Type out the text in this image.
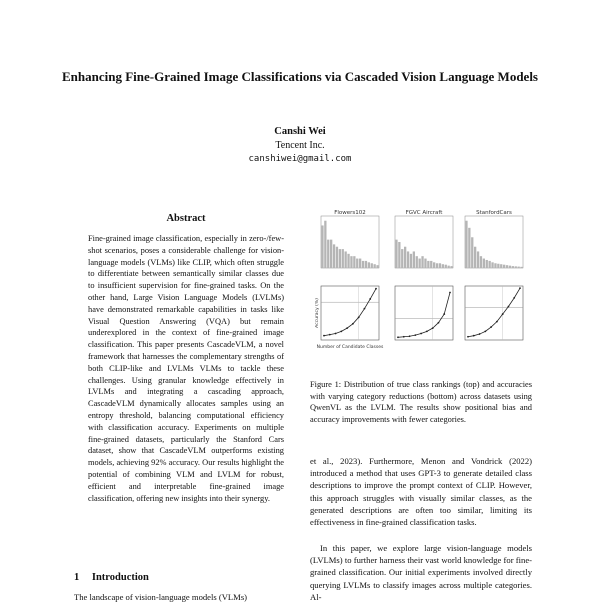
Enhancing Fine-Grained Image Classifications via Cascaded Vision Language Models
Canshi Wei
Tencent Inc.
canshiwei@gmail.com
Abstract
Fine-grained image classification, especially in zero-/few-shot scenarios, poses a considerable challenge for vision-language models (VLMs) like CLIP, which often struggle to differentiate between semantically similar classes due to insufficient supervision for fine-grained tasks. On the other hand, Large Vision Language Models (LVLMs) have demonstrated remarkable capabilities in tasks like Visual Question Answering (VQA) but remain underexplored in the context of fine-grained image classification. This paper presents CascadeVLM, a novel framework that harnesses the complementary strengths of both CLIP-like and LVLMs VLMs to tackle these challenges. Using granular knowledge effectively in LVLMs and integrating a cascading approach, CascadeVLM dynamically allocates samples using an entropy threshold, balancing computational efficiency with classification accuracy. Experiments on multiple fine-grained datasets, particularly the Stanford Cars dataset, show that CascadeVLM outperforms existing models, achieving 92% accuracy. Our results highlight the potential of combining VLM and LVLM for robust, efficient and interpretable fine-grained image classification, offering new insights into their synergy.
1 Introduction
The landscape of vision-language models (VLMs)
Flowers102	FGVC Aircraft	StanfordCars
Accuracy (%)
Number of Candidate Classes
Figure 1: Distribution of true class rankings (top) and accuracies with varying category reductions (bottom) across datasets using QwenVL as the LVLM. The results show positional bias and accuracy improvements with fewer categories.
et al., 2023). Furthermore, Menon and Vondrick (2022) introduced a method that uses GPT-3 to generate detailed class descriptions to improve the prompt context of CLIP. However, this approach struggles with visually similar classes, as the generated descriptions are often too similar, limiting its effectiveness in fine-grained classification tasks.
In this paper, we explore large vision-language models (LVLMs) to further harness their vast world knowledge for fine-grained classification. Our initial experiments involved directly querying LVLMs to classify images across multiple categories. Al-
